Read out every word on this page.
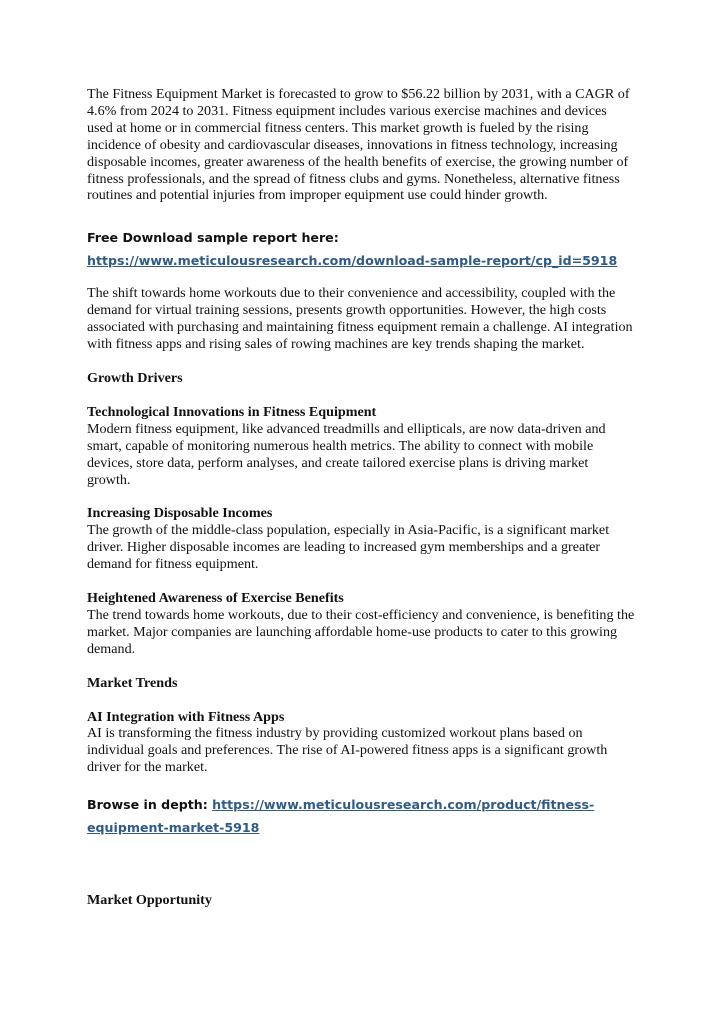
The Fitness Equipment Market is forecasted to grow to $56.22 billion by 2031, with a CAGR of 4.6% from 2024 to 2031. Fitness equipment includes various exercise machines and devices used at home or in commercial fitness centers. This market growth is fueled by the rising incidence of obesity and cardiovascular diseases, innovations in fitness technology, increasing disposable incomes, greater awareness of the health benefits of exercise, the growing number of fitness professionals, and the spread of fitness clubs and gyms. Nonetheless, alternative fitness routines and potential injuries from improper equipment use could hinder growth.

Free Download sample report here:
https://www.meticulousresearch.com/download-sample-report/cp_id=5918

The shift towards home workouts due to their convenience and accessibility, coupled with the demand for virtual training sessions, presents growth opportunities. However, the high costs associated with purchasing and maintaining fitness equipment remain a challenge. AI integration with fitness apps and rising sales of rowing machines are key trends shaping the market.

Growth Drivers

Technological Innovations in Fitness Equipment

Modern fitness equipment, like advanced treadmills and ellipticals, are now data-driven and smart, capable of monitoring numerous health metrics. The ability to connect with mobile devices, store data, perform analyses, and create tailored exercise plans is driving market growth.

Increasing Disposable Incomes

The growth of the middle-class population, especially in Asia-Pacific, is a significant market driver. Higher disposable incomes are leading to increased gym memberships and a greater demand for fitness equipment.

Heightened Awareness of Exercise Benefits

The trend towards home workouts, due to their cost-efficiency and convenience, is benefiting the market. Major companies are launching affordable home-use products to cater to this growing demand.

Market Trends

AI Integration with Fitness Apps

AI is transforming the fitness industry by providing customized workout plans based on individual goals and preferences. The rise of AI-powered fitness apps is a significant growth driver for the market.

Browse in depth: https://www.meticulousresearch.com/product/fitness-equipment-market-5918

Market Opportunity
